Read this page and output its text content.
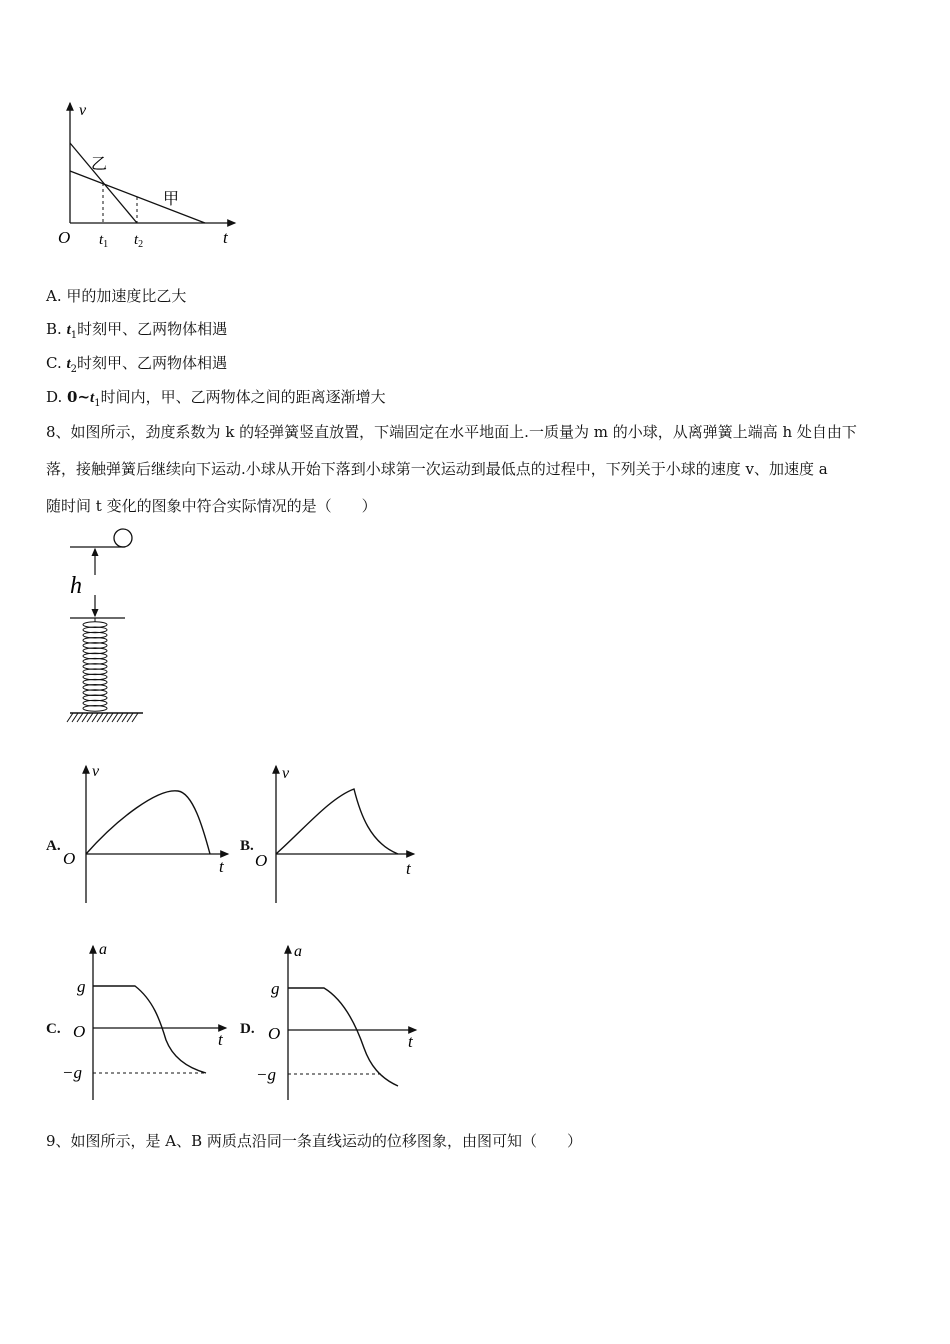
v
t
O
乙
甲
$t_1$ $t_2$
A. 甲的加速度比乙大
B. $t_1$时刻甲、乙两物体相遇
C. $t_2$时刻甲、乙两物体相遇
D. $0\sim t_1$时间内，甲、乙两物体之间的距离逐渐增大
8、如图所示，劲度系数为 k 的轻弹簧竖直放置，下端固定在水平地面上.一质量为 m 的小球，从离弹簧上端高 h 处自由下
落，接触弹簧后继续向下运动.小球从开始下落到小球第一次运动到最低点的过程中，下列关于小球的速度 v、加速度 a
随时间 t 变化的图象中符合实际情况的是（　　）
h
A.
v
t
O
B.
v
t
O
C.
a
t
O
g
−g
D.
a
t
O
g
−g
9、如图所示，是 A、B 两质点沿同一条直线运动的位移图象，由图可知（　　）
